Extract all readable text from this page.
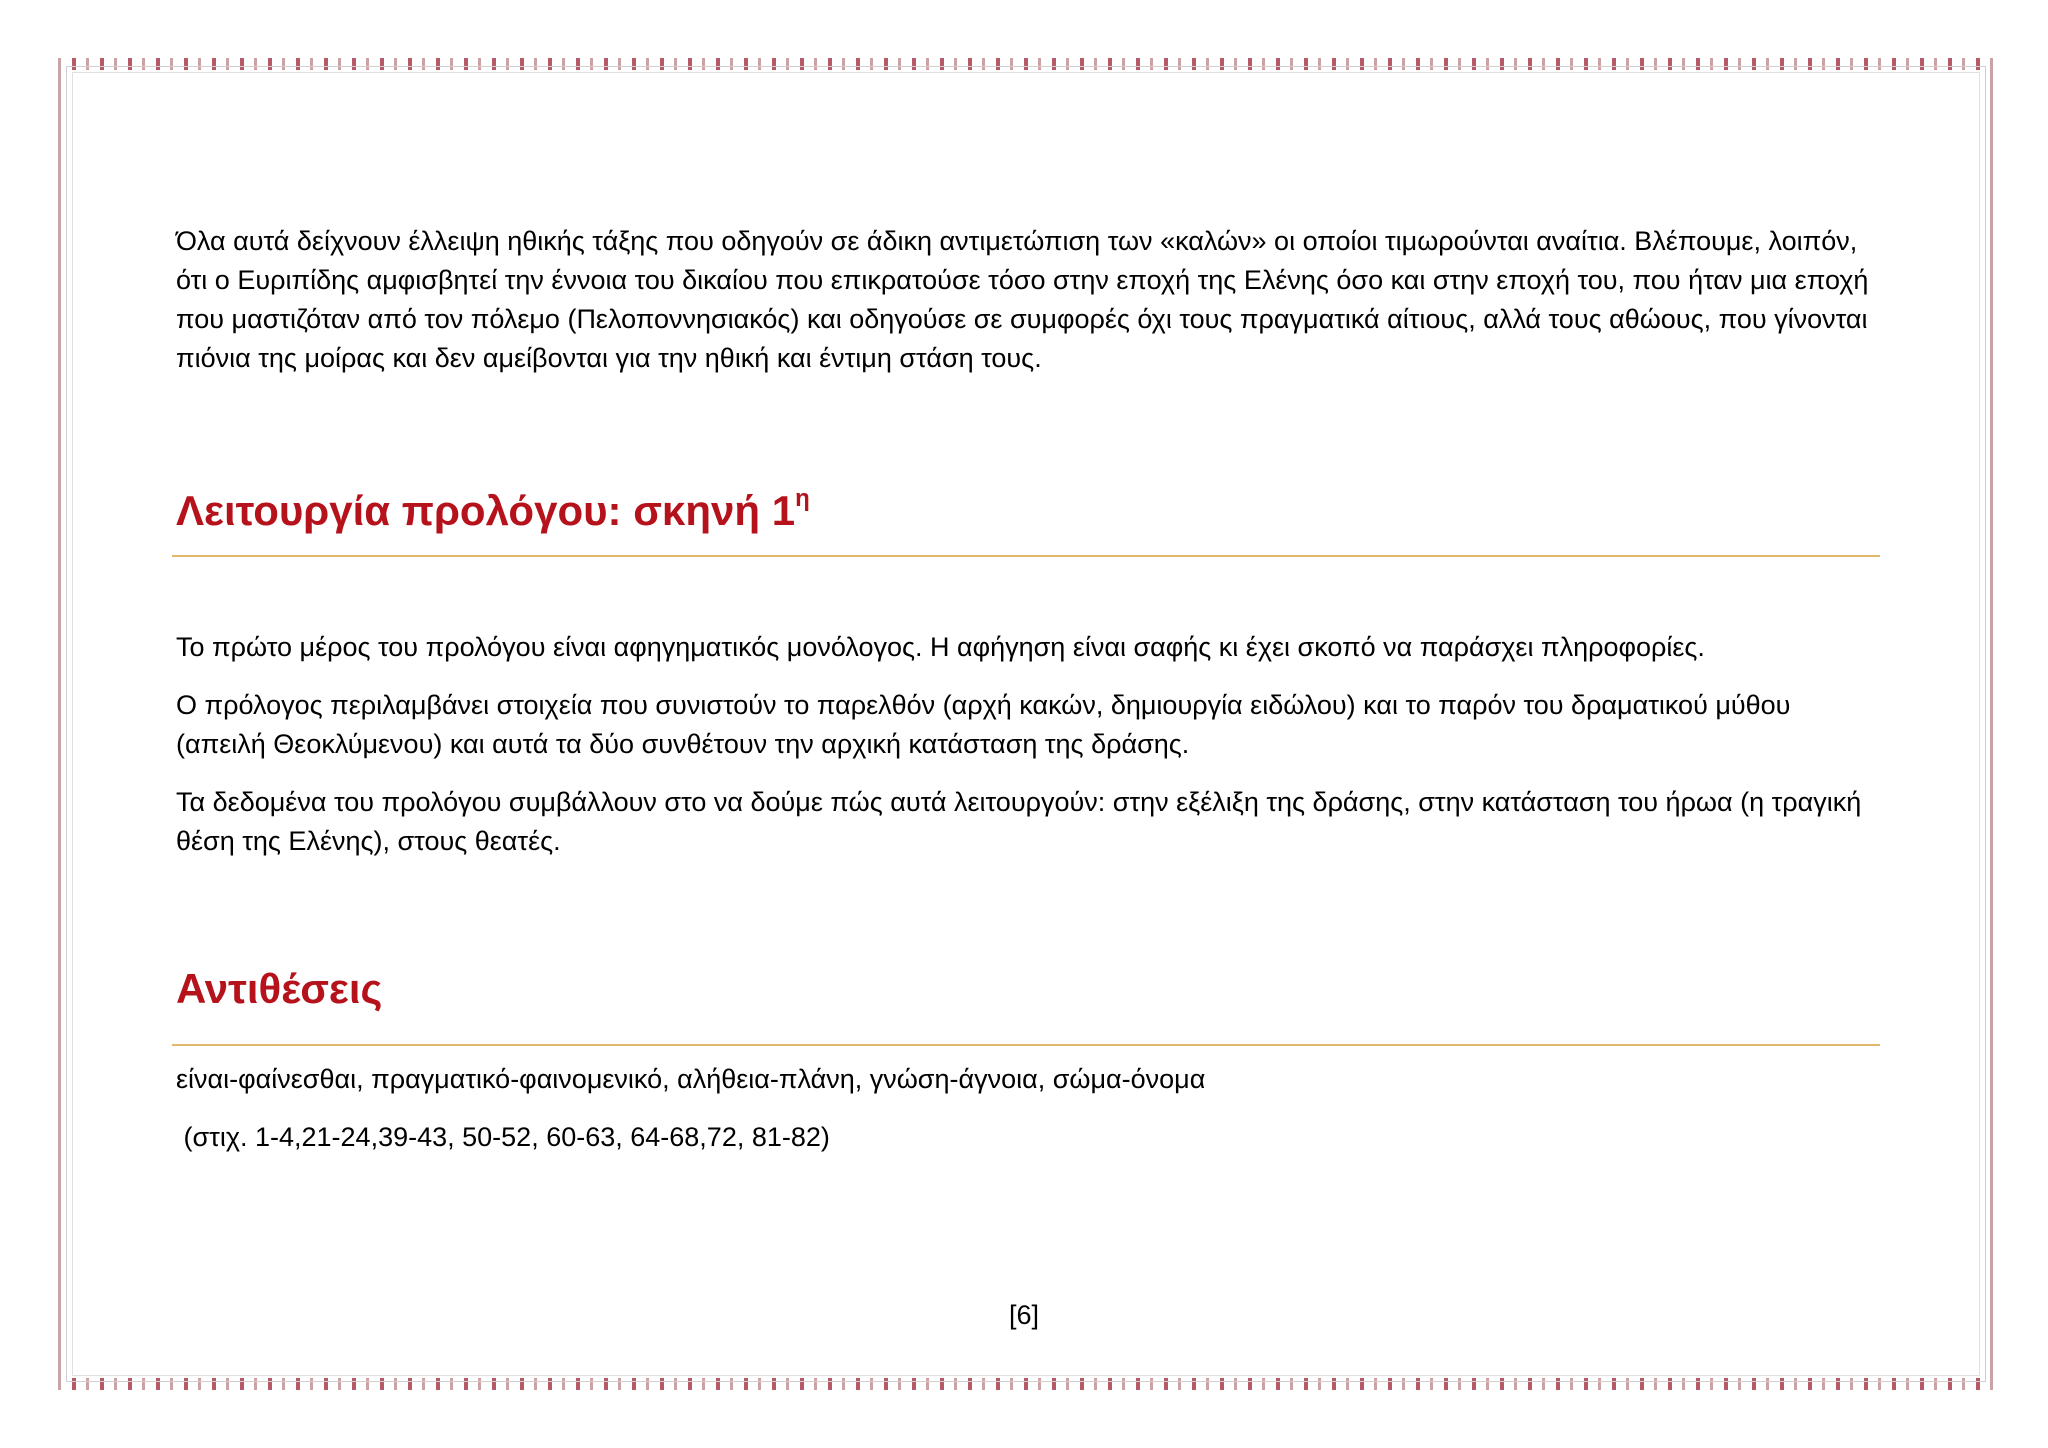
Όλα αυτά δείχνουν έλλειψη ηθικής τάξης που οδηγούν σε άδικη αντιμετώπιση των «καλών» οι οποίοι τιμωρούνται αναίτια. Βλέπουμε, λοιπόν, ότι ο Ευριπίδης αμφισβητεί την έννοια του δικαίου που επικρατούσε τόσο στην εποχή της Ελένης όσο και στην εποχή του, που ήταν μια εποχή που μαστιζόταν από τον πόλεμο (Πελοποννησιακός) και οδηγούσε σε συμφορές όχι τους πραγματικά αίτιους, αλλά τους αθώους, που γίνονται πιόνια της μοίρας και δεν αμείβονται για την ηθική και έντιμη στάση τους.

Λειτουργία προλόγου: σκηνή $1^\eta$

Το πρώτο μέρος του προλόγου είναι αφηγηματικός μονόλογος. Η αφήγηση είναι σαφής κι έχει σκοπό να παράσχει πληροφορίες.

Ο πρόλογος περιλαμβάνει στοιχεία που συνιστούν το παρελθόν (αρχή κακών, δημιουργία ειδώλου) και το παρόν του δραματικού μύθου (απειλή Θεοκλύμενου) και αυτά τα δύο συνθέτουν την αρχική κατάσταση της δράσης.

Τα δεδομένα του προλόγου συμβάλλουν στο να δούμε πώς αυτά λειτουργούν: στην εξέλιξη της δράσης, στην κατάσταση του ήρωα (η τραγική θέση της Ελένης), στους θεατές.

Αντιθέσεις

είναι-φαίνεσθαι, πραγματικό-φαινομενικό, αλήθεια-πλάνη, γνώση-άγνοια, σώμα-όνομα

(στιχ. 1-4,21-24,39-43, 50-52, 60-63, 64-68,72, 81-82)

[6]
